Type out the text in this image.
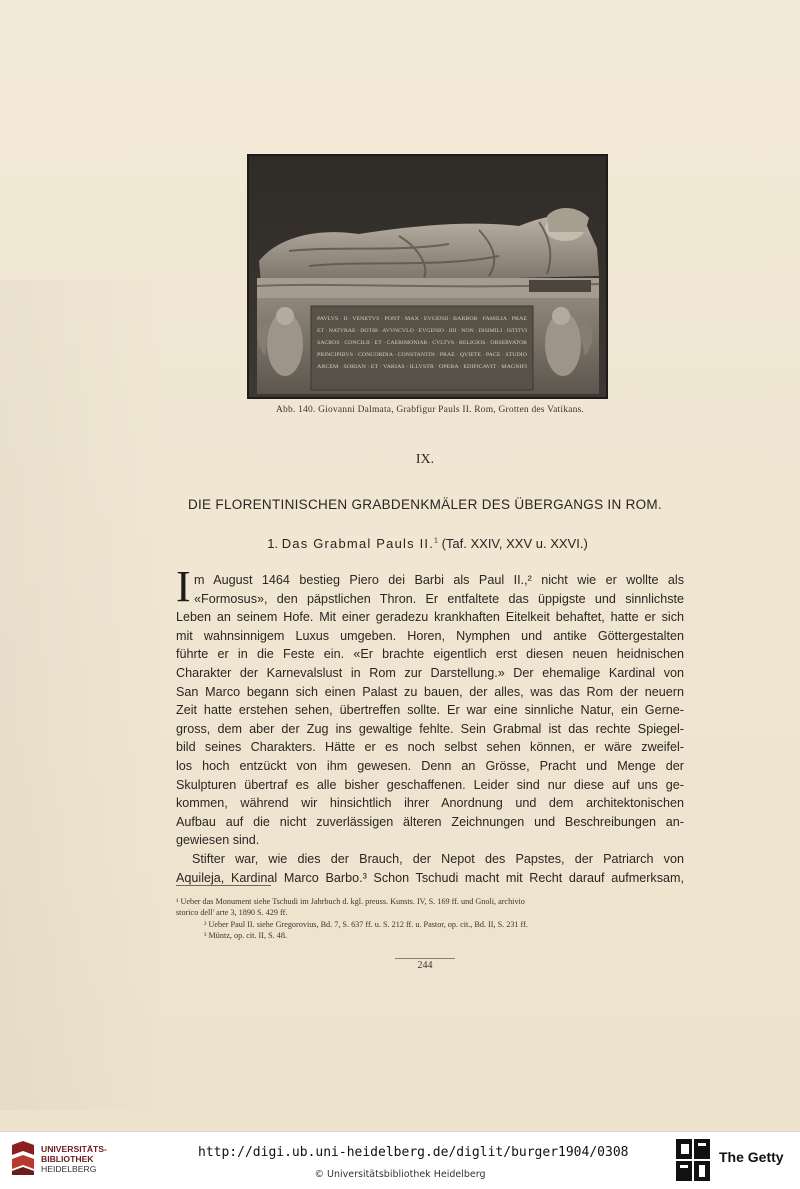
PAVLVS · II · VENETVS · PONT · MAX · EVGENII · BARBOR · FAMILIA · PRAE
ET · NATVRAE · DOTIB · AVVNCVLO · EVGENIO · IIII · NON · DISIMILI · ISTITVI
SACROS · CONCILII · ET · CAERIMONIAR · CVLTVS · RELIGIOS · OBSERVATOR
PRINCIPIBVS · CONCORDIA · CONSTANTIN · PRAE · QVIETE · PACE · STUDIO
ARCEM · SORIAN · ET · VARIAS · ILLVSTR · OPERA · EDIFICAVIT · MAGNIFI
Abb. 140. Giovanni Dalmata, Grabfigur Pauls II. Rom, Grotten des Vatikans.
IX.
DIE FLORENTINISCHEN GRABDENKMÄLER DES ÜBERGANGS IN ROM.
1. Das Grabmal Pauls II.$^1$ (Taf. XXIV, XXV u. XXVI.)
I m August 1464 bestieg Piero dei Barbi als Paul II.,² nicht wie er wollte als
«Formosus», den päpstlichen Thron. Er entfaltete das üppigste und sinnlichste
Leben an seinem Hofe. Mit einer geradezu krankhaften Eitelkeit behaftet, hatte er sich
mit wahnsinnigem Luxus umgeben. Horen, Nymphen und antike Göttergestalten
führte er in die Feste ein. «Er brachte eigentlich erst diesen neuen heidnischen
Charakter der Karnevalslust in Rom zur Darstellung.» Der ehemalige Kardinal von
San Marco begann sich einen Palast zu bauen, der alles, was das Rom der neuern
Zeit hatte erstehen sehen, übertreffen sollte. Er war eine sinnliche Natur, ein Gerne-
gross, dem aber der Zug ins gewaltige fehlte. Sein Grabmal ist das rechte Spiegel-
bild seines Charakters. Hätte er es noch selbst sehen können, er wäre zweifel-
los hoch entzückt von ihm gewesen. Denn an Grösse, Pracht und Menge der
Skulpturen übertraf es alle bisher geschaffenen. Leider sind nur diese auf uns ge-
kommen, während wir hinsichtlich ihrer Anordnung und dem architektonischen
Aufbau auf die nicht zuverlässigen älteren Zeichnungen und Beschreibungen an-
gewiesen sind.
Stifter war, wie dies der Brauch, der Nepot des Papstes, der Patriarch von
Aquileja, Kardinal Marco Barbo.³ Schon Tschudi macht mit Recht darauf aufmerksam,
¹ Ueber das Monument siehe Tschudi im Jahrbuch d. kgl. preuss. Kunsts. IV, S. 169 ff. und Gnoli, archivio
storico dell' arte 3, 1890 S. 429 ff.
² Ueber Paul II. siehe Gregorovius, Bd. 7, S. 637 ff. u. S. 212 ff. u. Pastor, op. cit., Bd. II, S. 231 ff.
³ Müntz, op. cit. II, S. 48.
244
UNIVERSITÄTS-
BIBLIOTHEK
HEIDELBERG
http://digi.ub.uni-heidelberg.de/diglit/burger1904/0308
© Universitätsbibliothek Heidelberg
The Getty
